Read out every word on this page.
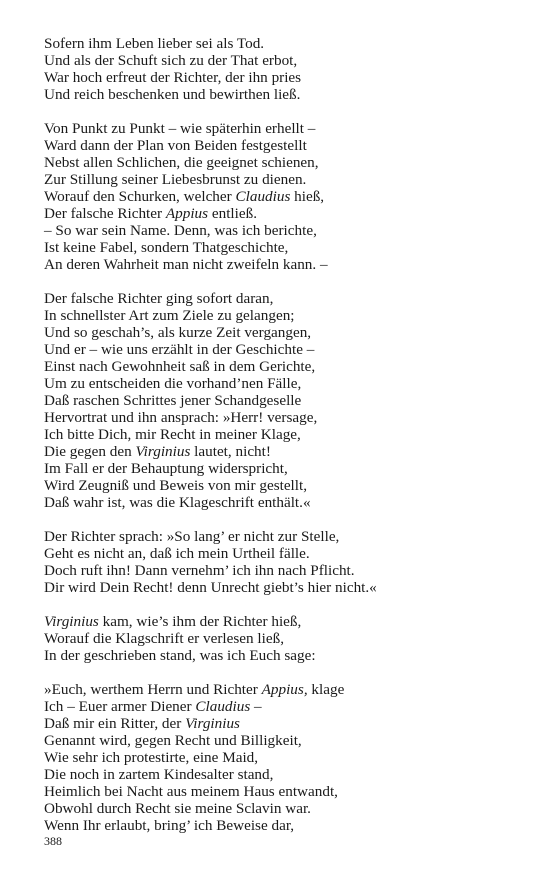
Sofern ihm Leben lieber sei als Tod.
Und als der Schuft sich zu der That erbot,
War hoch erfreut der Richter, der ihn pries
Und reich beschenken und bewirthen ließ.
Von Punkt zu Punkt – wie späterhin erhellt –
Ward dann der Plan von Beiden festgestellt
Nebst allen Schlichen, die geeignet schienen,
Zur Stillung seiner Liebesbrunst zu dienen.
Worauf den Schurken, welcher Claudius hieß,
Der falsche Richter Appius entließ.
– So war sein Name. Denn, was ich berichte,
Ist keine Fabel, sondern Thatgeschichte,
An deren Wahrheit man nicht zweifeln kann. –
Der falsche Richter ging sofort daran,
In schnellster Art zum Ziele zu gelangen;
Und so geschah’s, als kurze Zeit vergangen,
Und er – wie uns erzählt in der Geschichte –
Einst nach Gewohnheit saß in dem Gerichte,
Um zu entscheiden die vorhand’nen Fälle,
Daß raschen Schrittes jener Schandgeselle
Hervortrat und ihn ansprach: »Herr! versage,
Ich bitte Dich, mir Recht in meiner Klage,
Die gegen den Virginius lautet, nicht!
Im Fall er der Behauptung widerspricht,
Wird Zeugniß und Beweis von mir gestellt,
Daß wahr ist, was die Klageschrift enthält.«
Der Richter sprach: »So lang’ er nicht zur Stelle,
Geht es nicht an, daß ich mein Urtheil fälle.
Doch ruft ihn! Dann vernehm’ ich ihn nach Pflicht.
Dir wird Dein Recht! denn Unrecht giebt’s hier nicht.«
Virginius kam, wie’s ihm der Richter hieß,
Worauf die Klagschrift er verlesen ließ,
In der geschrieben stand, was ich Euch sage:
»Euch, werthem Herrn und Richter Appius, klage
Ich – Euer armer Diener Claudius –
Daß mir ein Ritter, der Virginius
Genannt wird, gegen Recht und Billigkeit,
Wie sehr ich protestirte, eine Maid,
Die noch in zartem Kindesalter stand,
Heimlich bei Nacht aus meinem Haus entwandt,
Obwohl durch Recht sie meine Sclavin war.
Wenn Ihr erlaubt, bring’ ich Beweise dar,
388
